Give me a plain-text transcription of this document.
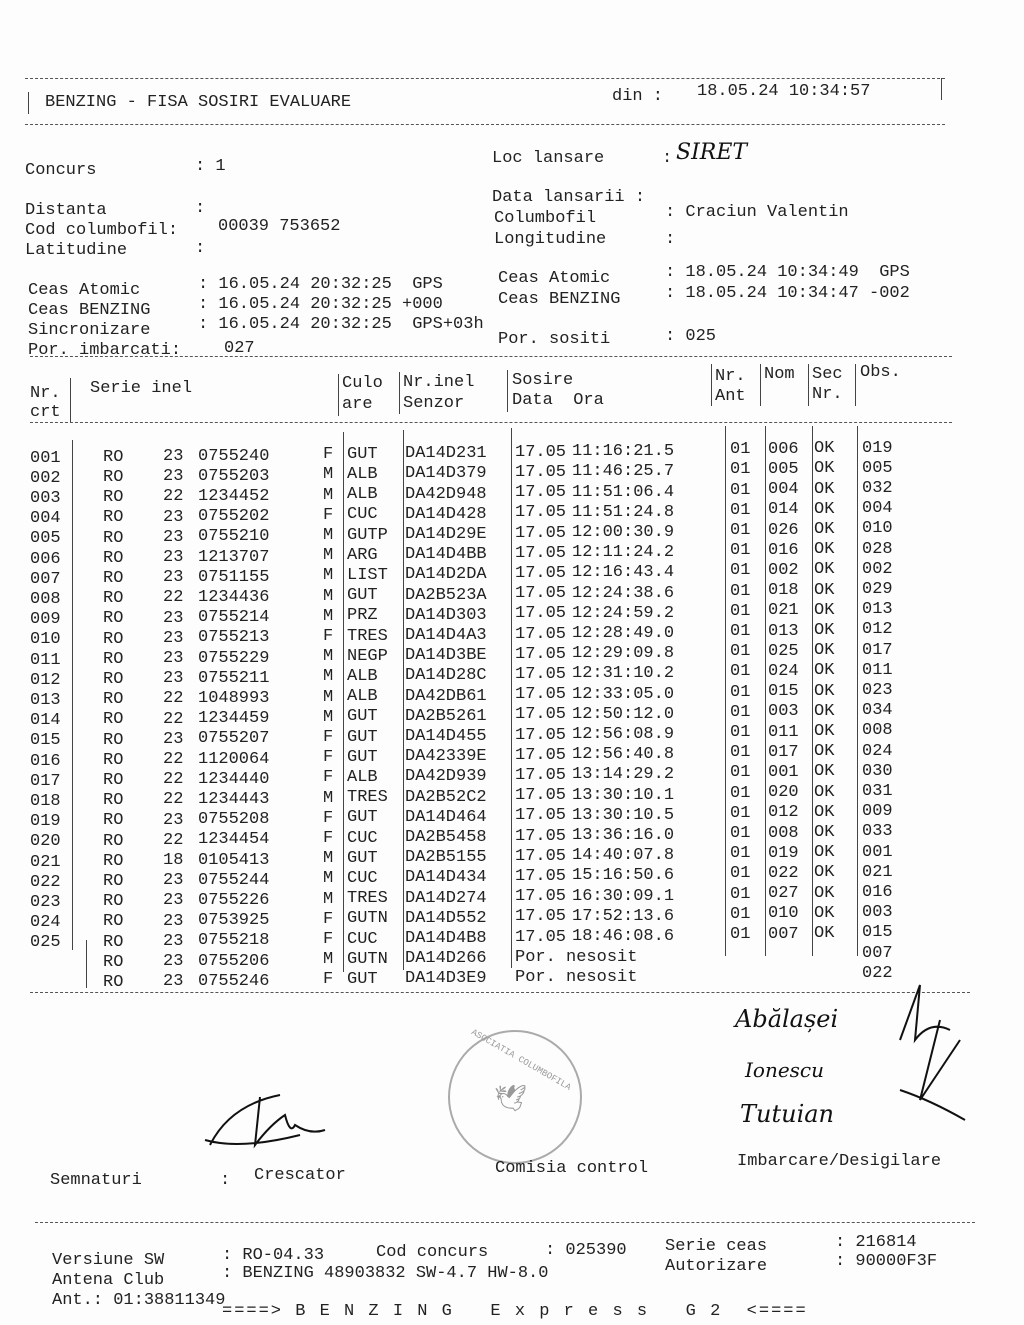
BENZING - FISA SOSIRI EVALUARE	din : 18.05.24 10:34:57
Concurs	: 1	Loc lansare	: SIRET
Data lansarii :
Distanta	:
Cod columbofil: 00039 753652	Columbofil	: Craciun Valentin
Latitudine	:	Longitudine	:
Ceas Atomic	: 16.05.24 20:32:25  GPS
Ceas BENZING	: 16.05.24 20:32:25 +000
Sincronizare	: 16.05.24 20:32:25  GPS+03h
Por. imbarcati:	027
Ceas Atomic	: 18.05.24 10:34:49  GPS
Ceas BENZING	: 18.05.24 10:34:47 -002
Por. sositi	: 025
Nr.
crt
Serie inel	Culo
are
Nr.inel
Senzor
Sosire
Data  Ora
Nr.
Ant
Nom Sec
Nr.
Obs.
001 RO 23 0755240	F GUT DA14D231 17.05 11:16:21.5	01 006 OK 019
002 RO 23 0755203	M ALB DA14D379 17.05 11:46:25.7	01 005 OK 005
003 RO 22 1234452	M ALB DA42D948 17.05 11:51:06.4	01 004 OK 032
004 RO 23 0755202	F CUC DA14D428 17.05 11:51:24.8	01 014 OK 004
005 RO 23 0755210	M GUTP DA14D29E 17.05 12:00:30.9	01 026 OK 010
006 RO 23 1213707	M ARG DA14D4BB 17.05 12:11:24.2	01 016 OK 028
007 RO 23 0751155	M LIST DA14D2DA 17.05 12:16:43.4	01 002 OK 002
008 RO 22 1234436	M GUT DA2B523A 17.05 12:24:38.6	01 018 OK 029
009 RO 23 0755214	M PRZ DA14D303 17.05 12:24:59.2	01 021 OK 013
010 RO 23 0755213	F TRES DA14D4A3 17.05 12:28:49.0	01 013 OK 012
011 RO 23 0755229	M NEGP DA14D3BE 17.05 12:29:09.8	01 025 OK 017
012 RO 23 0755211	M ALB DA14D28C 17.05 12:31:10.2	01 024 OK 011
013 RO 22 1048993	M ALB DA42DB61 17.05 12:33:05.0	01 015 OK 023
014 RO 22 1234459	M GUT DA2B5261 17.05 12:50:12.0	01 003 OK 034
015 RO 23 0755207	F GUT DA14D455 17.05 12:56:08.9	01 011 OK 008
016 RO 22 1120064	F GUT DA42339E 17.05 12:56:40.8	01 017 OK 024
017 RO 22 1234440	F ALB DA42D939 17.05 13:14:29.2	01 001 OK 030
018 RO 22 1234443	M TRES DA2B52C2 17.05 13:30:10.1	01 020 OK 031
019 RO 23 0755208	F GUT DA14D464 17.05 13:30:10.5	01 012 OK 009
020 RO 22 1234454	F CUC DA2B5458 17.05 13:36:16.0	01 008 OK 033
021 RO 18 0105413	M GUT DA2B5155 17.05 14:40:07.8	01 019 OK 001
022 RO 23 0755244	M CUC DA14D434 17.05 15:16:50.6	01 022 OK 021
023 RO 23 0755226	M TRES DA14D274 17.05 16:30:09.1	01 027 OK 016
024 RO 23 0753925	F GUTN DA14D552 17.05 17:52:13.6	01 010 OK 003
025 RO 23 0755218	F CUC DA14D4B8 17.05 18:46:08.6	01 007 OK 015
RO 23 0755206	M GUTN DA14D266 Por. nesosit	007
RO 23 0755246	F GUT DA14D3E9 Por. nesosit	022
Abălașei
Ionescu
Tutuian
ASOCIATIA COLUMBOFILA
🕊
Semnaturi	: Crescator	Comisia control	Imbarcare/Desigilare
Versiune SW	: RO-04.33	Cod concurs	: 025390 Serie ceas	: 216814
Antena Club	: BENZING 48903832 SW-4.7 HW-8.0	Autorizare	: 90000F3F
Ant.: 01:38811349
====> B E N Z I N G   E x p r e s s   G 2  <====
